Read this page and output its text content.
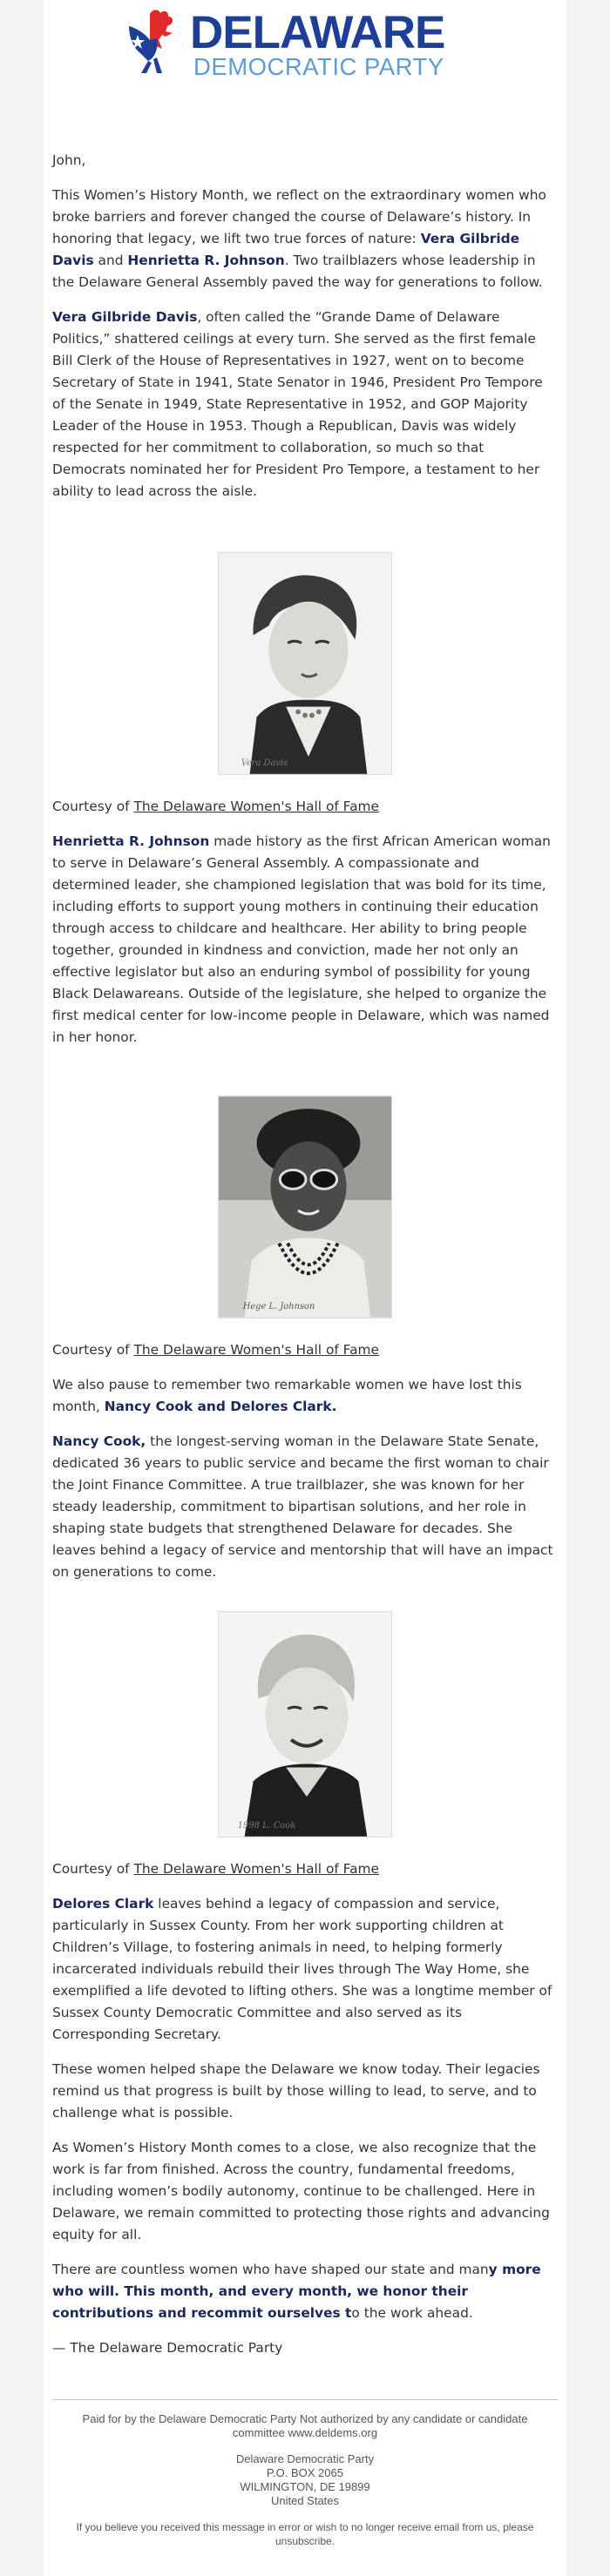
DELAWARE
DEMOCRATIC PARTY

John,

This Women’s History Month, we reflect on the extraordinary women who broke barriers and forever changed the course of Delaware’s history. In honoring that legacy, we lift two true forces of nature: Vera Gilbride Davis and Henrietta R. Johnson. Two trailblazers whose leadership in the Delaware General Assembly paved the way for generations to follow.

Vera Gilbride Davis, often called the “Grande Dame of Delaware Politics,” shattered ceilings at every turn. She served as the first female Bill Clerk of the House of Representatives in 1927, went on to become Secretary of State in 1941, State Senator in 1946, President Pro Tempore of the Senate in 1949, State Representative in 1952, and GOP Majority Leader of the House in 1953. Though a Republican, Davis was widely respected for her commitment to collaboration, so much so that Democrats nominated her for President Pro Tempore, a testament to her ability to lead across the aisle.

Vera Davis

Courtesy of The Delaware Women's Hall of Fame

Henrietta R. Johnson made history as the first African American woman to serve in Delaware’s General Assembly. A compassionate and determined leader, she championed legislation that was bold for its time, including efforts to support young mothers in continuing their education through access to childcare and healthcare. Her ability to bring people together, grounded in kindness and conviction, made her not only an effective legislator but also an enduring symbol of possibility for young Black Delawareans. Outside of the legislature, she helped to organize the first medical center for low-income people in Delaware, which was named in her honor.

Hege L. Johnson

Courtesy of The Delaware Women's Hall of Fame

We also pause to remember two remarkable women we have lost this month, Nancy Cook and Delores Clark.

Nancy Cook, the longest-serving woman in the Delaware State Senate, dedicated 36 years to public service and became the first woman to chair the Joint Finance Committee. A true trailblazer, she was known for her steady leadership, commitment to bipartisan solutions, and her role in shaping state budgets that strengthened Delaware for decades. She leaves behind a legacy of service and mentorship that will have an impact on generations to come.

1998 L. Cook

Courtesy of The Delaware Women's Hall of Fame

Delores Clark leaves behind a legacy of compassion and service, particularly in Sussex County. From her work supporting children at Children’s Village, to fostering animals in need, to helping formerly incarcerated individuals rebuild their lives through The Way Home, she exemplified a life devoted to lifting others. She was a longtime member of Sussex County Democratic Committee and also served as its Corresponding Secretary.

These women helped shape the Delaware we know today. Their legacies remind us that progress is built by those willing to lead, to serve, and to challenge what is possible.

As Women’s History Month comes to a close, we also recognize that the work is far from finished. Across the country, fundamental freedoms, including women’s bodily autonomy, continue to be challenged. Here in Delaware, we remain committed to protecting those rights and advancing equity for all.

There are countless women who have shaped our state and many more who will. This month, and every month, we honor their contributions and recommit ourselves to the work ahead.

— The Delaware Democratic Party

Paid for by the Delaware Democratic Party Not authorized by any candidate or candidate committee www.deldems.org

Delaware Democratic Party

P.O. BOX 2065

WILMINGTON, DE 19899

United States

If you believe you received this message in error or wish to no longer receive email from us, please unsubscribe.
